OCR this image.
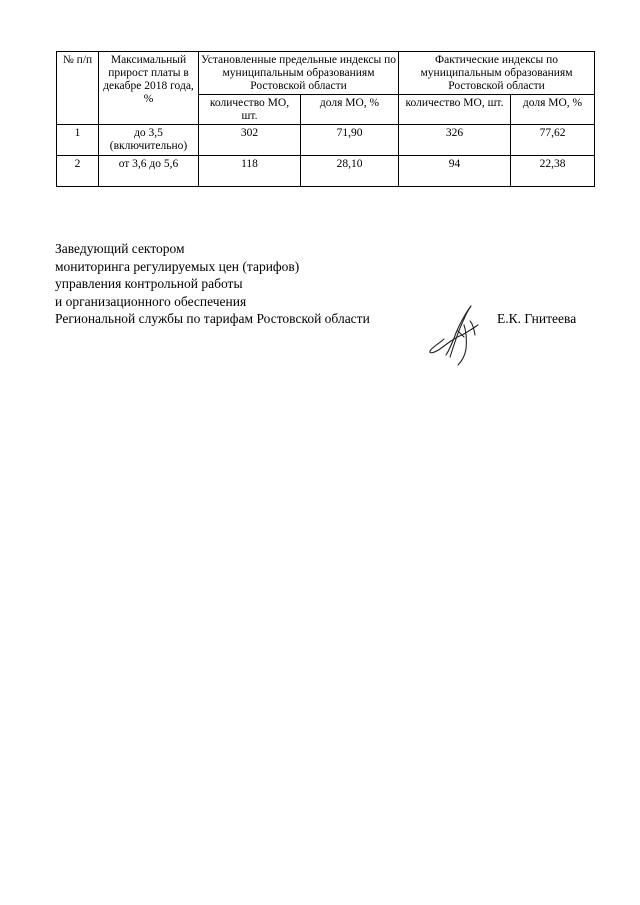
№ п/п	Максимальный прирост платы в декабре 2018 года, %	Установленные предельные индексы по муниципальным образованиям Ростовской области		Фактические индексы по муниципальным образованиям Ростовской области	
		количество МО, шт.	доля МО, %	количество МО, шт.	доля МО, %
1	до 3,5 (включительно)	302	71,90	326	77,62
2	от 3,6 до 5,6	118	28,10	94	22,38
Заведующий сектором
мониторинга регулируемых цен (тарифов)
управления контрольной работы
и организационного обеспечения
Региональной службы по тарифам Ростовской области	Е.К. Гнитеева
